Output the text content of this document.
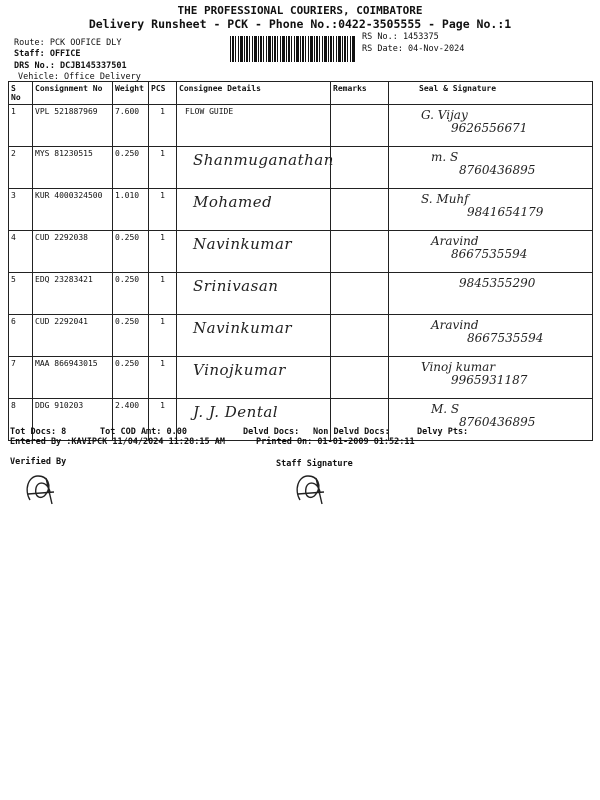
THE PROFESSIONAL COURIERS, COIMBATORE
Delivery Runsheet - PCK - Phone No.:0422-3505555 - Page No.:1
Route: PCK OOFICE DLY
Staff: OFFICE
DRS No.: DCJB145337501
Vehicle: Office Delivery
RS No.: 1453375
RS Date: 04-Nov-2024
S No	Consignment No	Weight	PCS	Consignee Details	Remarks	Seal & Signature
1	VPL 521887969	7.600	1	FLOW GUIDE		G. Vijay
9626556671

2	MYS 81230515	0.250	1	Shanmuganathan		m. S
8760436895

3	KUR 4000324500	1.010	1	Mohamed		S. Muhf
9841654179

4	CUD 2292038	0.250	1	Navinkumar		Aravind
8667535594

5	EDQ 23283421	0.250	1	Srinivasan		9845355290

6	CUD 2292041	0.250	1	Navinkumar		Aravind
8667535594

7	MAA 866943015	0.250	1	Vinojkumar		Vinoj kumar
9965931187

8	DDG 910203	2.400	1	J. J. Dental		M. S
8760436895
Tot Docs: 8	Tot COD Amt: 0.00	Delvd Docs: Non Delvd Docs:	Delvy Pts:
Entered By :KAVIPCK 11/04/2024 11:28:15 AM	Printed On: 01-01-2009 01:52:11
Verified By	Staff Signature
